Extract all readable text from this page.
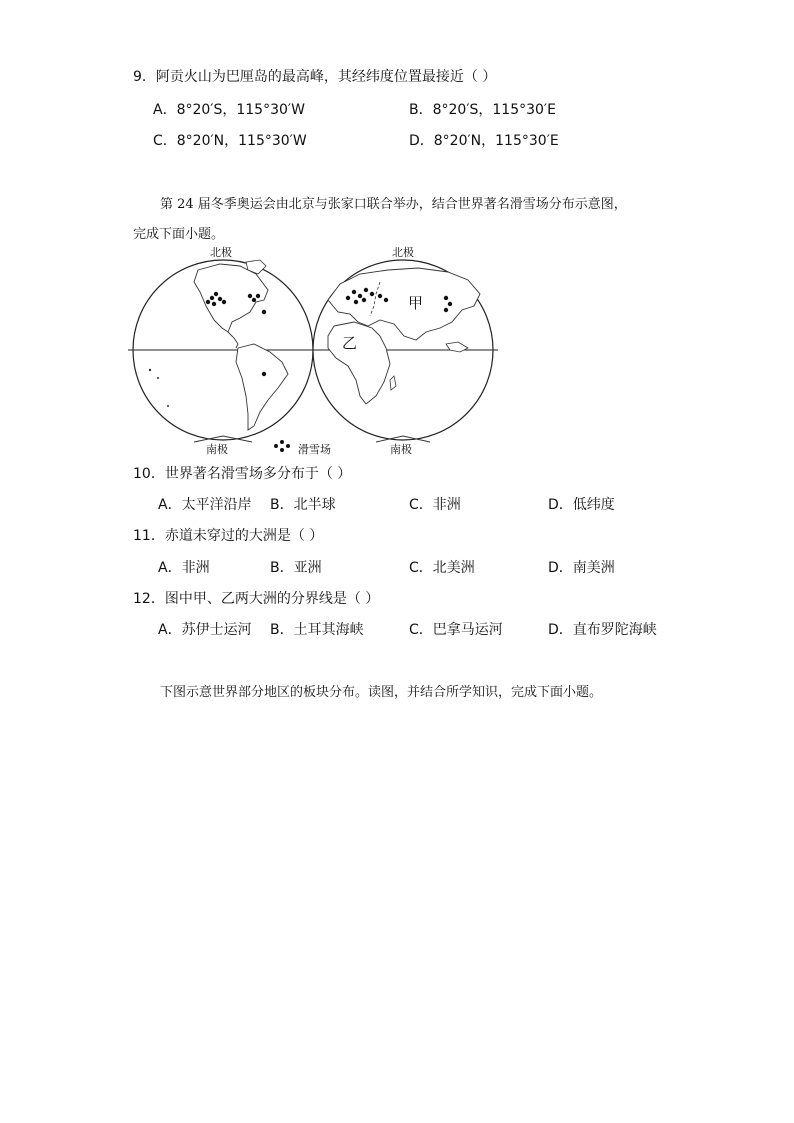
9．阿贡火山为巴厘岛的最高峰，其经纬度位置最接近（ ）
A．8°20′S，115°30′W	B．8°20′S，115°30′E
C．8°20′N，115°30′W	D．8°20′N，115°30′E
第 24 届冬季奥运会由北京与张家口联合举办，结合世界著名滑雪场分布示意图，
完成下面小题。
北极	北极
南极	南极
甲
乙
滑雪场
10．世界著名滑雪场多分布于（ ）
A．太平洋沿岸 B．北半球	C．非洲	D．低纬度
11．赤道未穿过的大洲是（ ）
A．非洲	B．亚洲	C．北美洲	D．南美洲
12．图中甲、乙两大洲的分界线是（ ）
A．苏伊士运河 B．土耳其海峡	C．巴拿马运河	D．直布罗陀海峡
下图示意世界部分地区的板块分布。读图，并结合所学知识，完成下面小题。
